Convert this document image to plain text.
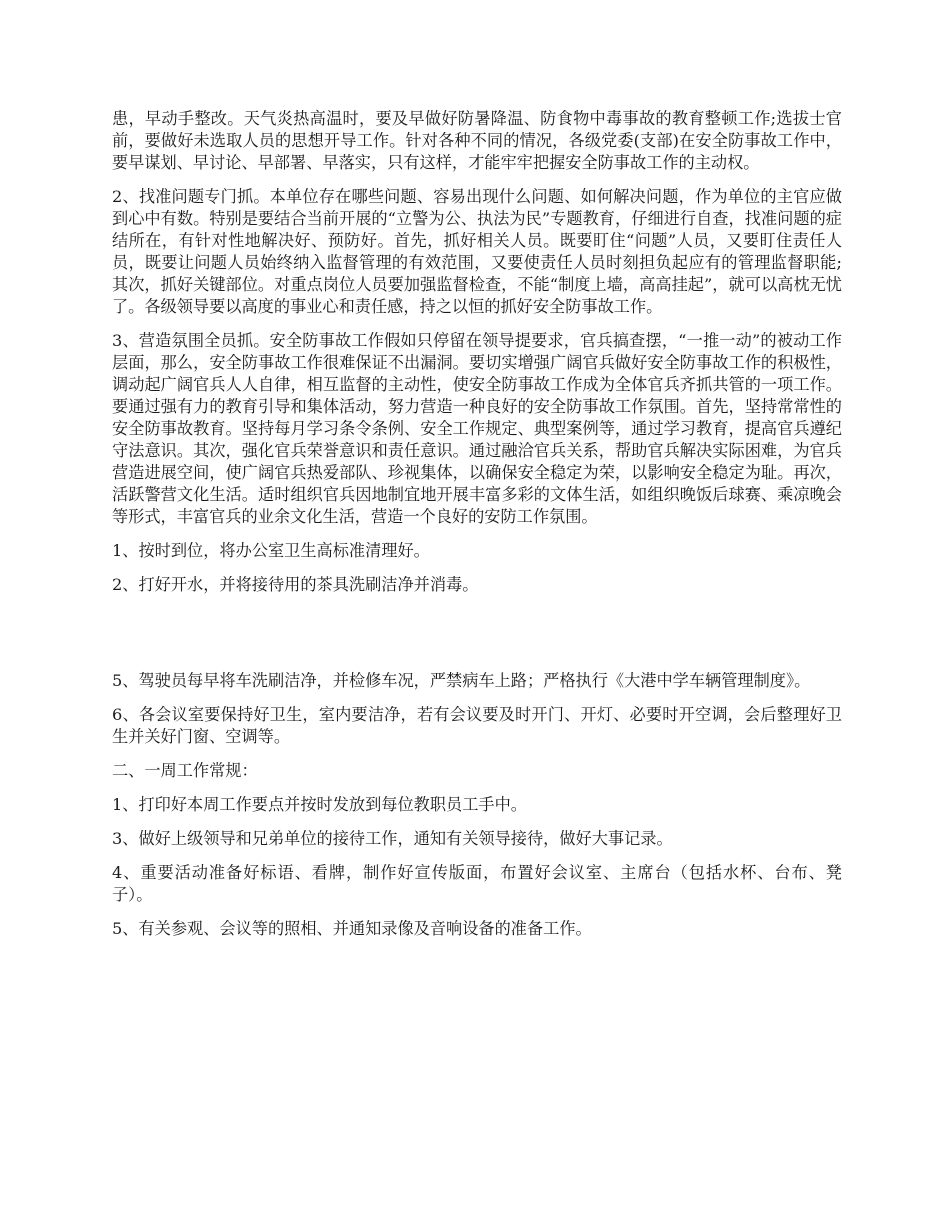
患，早动手整改。天气炎热高温时，要及早做好防暑降温、防食物中毒事故的教育整顿工作;选拔士官前，要做好未选取人员的思想开导工作。针对各种不同的情况，各级党委(支部)在安全防事故工作中，要早谋划、早讨论、早部署、早落实，只有这样，才能牢牢把握安全防事故工作的主动权。

2、找准问题专门抓。本单位存在哪些问题、容易出现什么问题、如何解决问题，作为单位的主官应做到心中有数。特别是要结合当前开展的“立警为公、执法为民”专题教育，仔细进行自查，找准问题的症结所在，有针对性地解决好、预防好。首先，抓好相关人员。既要盯住“问题”人员，又要盯住责任人员，既要让问题人员始终纳入监督管理的有效范围，又要使责任人员时刻担负起应有的管理监督职能;其次，抓好关键部位。对重点岗位人员要加强监督检查，不能“制度上墙，高高挂起”，就可以高枕无忧了。各级领导要以高度的事业心和责任感，持之以恒的抓好安全防事故工作。

3、营造氛围全员抓。安全防事故工作假如只停留在领导提要求，官兵搞查摆，“一推一动”的被动工作层面，那么，安全防事故工作很难保证不出漏洞。要切实增强广阔官兵做好安全防事故工作的积极性，调动起广阔官兵人人自律，相互监督的主动性，使安全防事故工作成为全体官兵齐抓共管的一项工作。要通过强有力的教育引导和集体活动，努力营造一种良好的安全防事故工作氛围。首先，坚持常常性的安全防事故教育。坚持每月学习条令条例、安全工作规定、典型案例等，通过学习教育，提高官兵遵纪守法意识。其次，强化官兵荣誉意识和责任意识。通过融洽官兵关系，帮助官兵解决实际困难，为官兵营造进展空间，使广阔官兵热爱部队、珍视集体，以确保安全稳定为荣，以影响安全稳定为耻。再次，活跃警营文化生活。适时组织官兵因地制宜地开展丰富多彩的文体生活，如组织晚饭后球赛、乘凉晚会等形式，丰富官兵的业余文化生活，营造一个良好的安防工作氛围。

1、按时到位，将办公室卫生高标准清理好。

2、打好开水，并将接待用的茶具洗刷洁净并消毒。

5、驾驶员每早将车洗刷洁净，并检修车况，严禁病车上路；严格执行《大港中学车辆管理制度》。

6、各会议室要保持好卫生，室内要洁净，若有会议要及时开门、开灯、必要时开空调，会后整理好卫生并关好门窗、空调等。

二、一周工作常规：

1、打印好本周工作要点并按时发放到每位教职员工手中。

3、做好上级领导和兄弟单位的接待工作，通知有关领导接待，做好大事记录。

4、重要活动准备好标语、看牌，制作好宣传版面，布置好会议室、主席台（包括水杯、台布、凳子）。

5、有关参观、会议等的照相、并通知录像及音响设备的准备工作。
